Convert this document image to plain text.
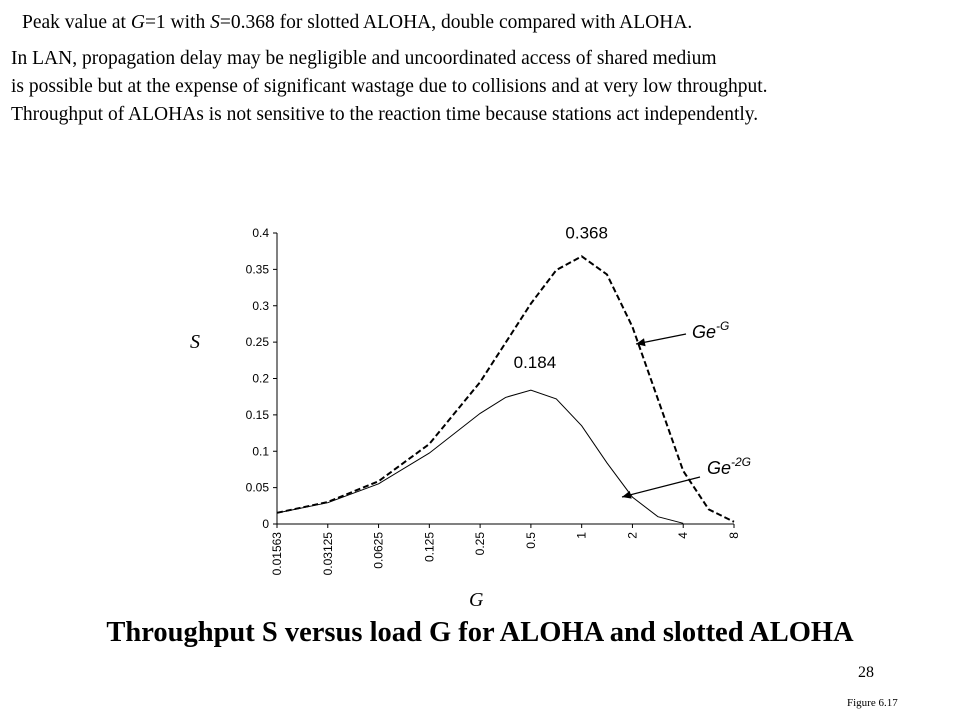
Peak value at G=1 with S=0.368 for slotted ALOHA, double compared with ALOHA.
In LAN, propagation delay may be negligible and uncoordinated access of shared medium
is possible but at the expense of significant wastage due to collisions and at very low throughput.
Throughput of ALOHAs is not sensitive to the reaction time because stations act independently.
0
0.05
0.1
0.15
0.2
0.25
0.3
0.35
0.4
0.01563	0.03125	0.0625	0.125	0.25	0.5	1	2	4	8
S
G
0.368
0.184
$Ge^{-G}$
$Ge^{-2G}$
Throughput S versus load G for ALOHA and slotted ALOHA
28
Figure 6.17
